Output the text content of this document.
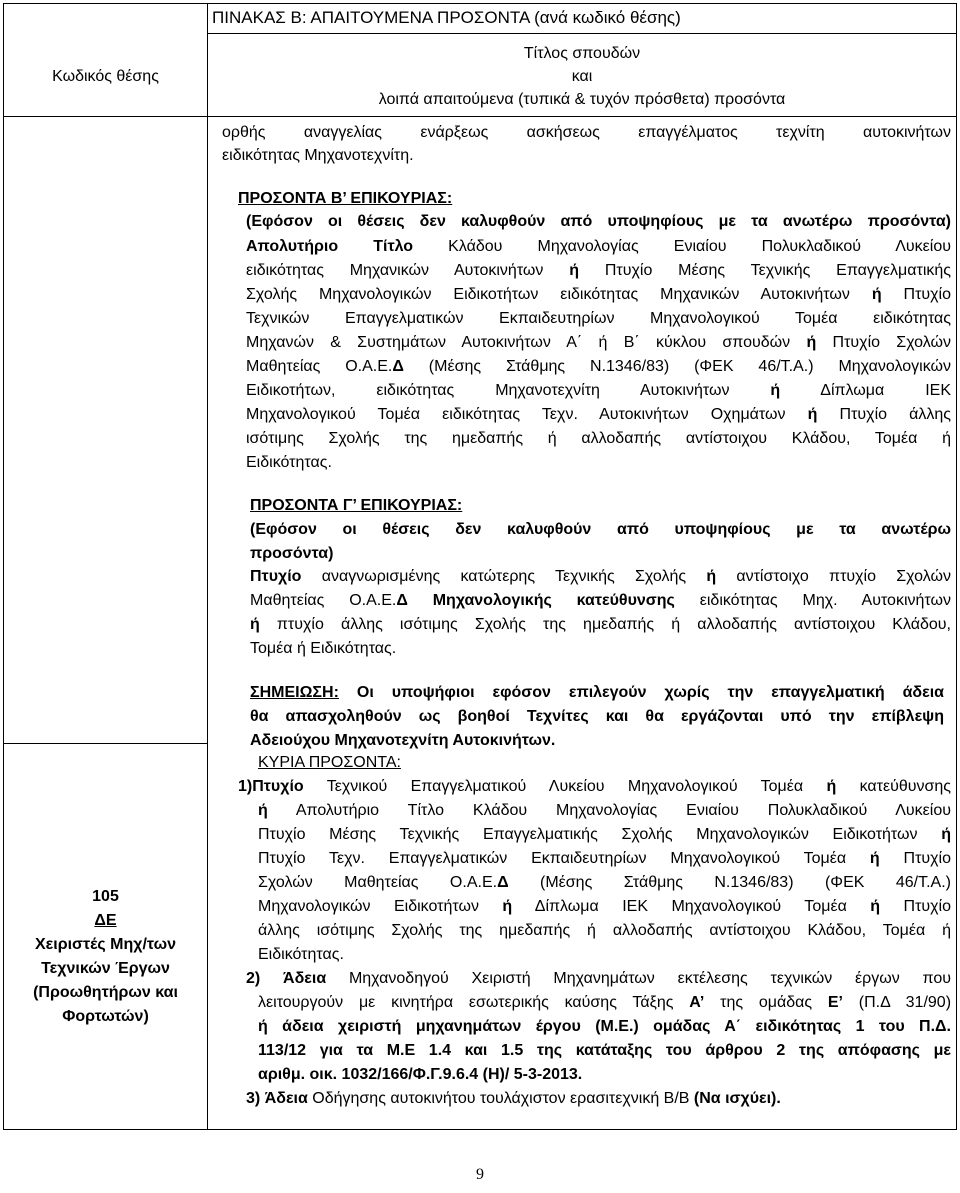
ΠΙΝΑΚΑΣ Β: ΑΠΑΙΤΟΥΜΕΝΑ ΠΡΟΣΟΝΤΑ (ανά κωδικό θέσης)
Κωδικός θέσης
Τίτλος σπουδών
και
λοιπά απαιτούμενα (τυπικά & τυχόν πρόσθετα) προσόντα
ορθής αναγγελίας ενάρξεως ασκήσεως επαγγέλματος τεχνίτη αυτοκινήτων
ειδικότητας Μηχανοτεχνίτη.
ΠΡΟΣΟΝΤΑ Β’ ΕΠΙΚΟΥΡΙΑΣ:
(Εφόσον οι θέσεις δεν καλυφθούν από υποψηφίους με τα ανωτέρω προσόντα)
Απολυτήριο Τίτλο Κλάδου Μηχανολογίας Ενιαίου Πολυκλαδικού Λυκείου
ειδικότητας Μηχανικών Αυτοκινήτων ή Πτυχίο Μέσης Τεχνικής Επαγγελματικής
Σχολής Μηχανολογικών Ειδικοτήτων ειδικότητας Μηχανικών Αυτοκινήτων ή Πτυχίο
Τεχνικών Επαγγελματικών Εκπαιδευτηρίων Μηχανολογικού Τομέα ειδικότητας
Μηχανών & Συστημάτων Αυτοκινήτων Α΄ ή Β΄ κύκλου σπουδών ή Πτυχίο Σχολών
Μαθητείας Ο.Α.Ε.Δ (Μέσης Στάθμης Ν.1346/83) (ΦΕΚ 46/Τ.Α.) Μηχανολογικών
Ειδικοτήτων, ειδικότητας Μηχανοτεχνίτη Αυτοκινήτων	ή	Δίπλωμα ΙΕΚ
Μηχανολογικού Τομέα ειδικότητας Τεχν. Αυτοκινήτων Οχημάτων ή Πτυχίο άλλης
ισότιμης Σχολής της ημεδαπής ή αλλοδαπής αντίστοιχου Κλάδου, Τομέα ή
Ειδικότητας.
ΠΡΟΣΟΝΤΑ Γ’ ΕΠΙΚΟΥΡΙΑΣ:
(Εφόσον οι θέσεις δεν καλυφθούν από υποψηφίους με τα ανωτέρω
προσόντα)
Πτυχίο αναγνωρισμένης κατώτερης Τεχνικής Σχολής ή αντίστοιχο πτυχίο Σχολών
Μαθητείας Ο.Α.Ε.Δ Μηχανολογικής κατεύθυνσης ειδικότητας Μηχ. Αυτοκινήτων
ή πτυχίο άλλης ισότιμης Σχολής της ημεδαπής ή αλλοδαπής αντίστοιχου Κλάδου,
Τομέα ή Ειδικότητας.
ΣΗΜΕΙΩΣΗ: Οι υποψήφιοι εφόσον επιλεγούν χωρίς την επαγγελματική άδεια
θα απασχοληθούν ως βοηθοί Τεχνίτες και θα εργάζονται υπό την επίβλεψη
Αδειούχου Μηχανοτεχνίτη Αυτοκινήτων.
105
ΔΕ
Χειριστές Μηχ/των
Τεχνικών Έργων
(Προωθητήρων και
Φορτωτών)
ΚΥΡΙΑ ΠΡΟΣΟΝΤΑ:
1)Πτυχίο Τεχνικού Επαγγελματικού Λυκείου Μηχανολογικού Τομέα ή κατεύθυνσης
ή Απολυτήριο Τίτλο Κλάδου Μηχανολογίας Ενιαίου Πολυκλαδικού Λυκείου
Πτυχίο Μέσης Τεχνικής Επαγγελματικής Σχολής Μηχανολογικών Ειδικοτήτων ή
Πτυχίο Τεχν. Επαγγελματικών Εκπαιδευτηρίων Μηχανολογικού Τομέα ή Πτυχίο
Σχολών Μαθητείας Ο.Α.Ε.Δ (Μέσης Στάθμης Ν.1346/83) (ΦΕΚ 46/Τ.Α.)
Μηχανολογικών Ειδικοτήτων ή Δίπλωμα ΙΕΚ Μηχανολογικού Τομέα ή Πτυχίο
άλλης ισότιμης Σχολής της ημεδαπής ή αλλοδαπής αντίστοιχου Κλάδου, Τομέα ή
Ειδικότητας.
2) Άδεια Μηχανοδηγού Χειριστή Μηχανημάτων εκτέλεσης τεχνικών έργων που
λειτουργούν με κινητήρα εσωτερικής καύσης Τάξης Α’ της ομάδας Ε’ (Π.Δ 31/90)
ή άδεια χειριστή μηχανημάτων έργου (Μ.Ε.) ομάδας Α΄ ειδικότητας 1 του Π.Δ.
113/12 για τα Μ.Ε 1.4 και 1.5 της κατάταξης του άρθρου 2 της απόφασης με
αριθμ. οικ. 1032/166/Φ.Γ.9.6.4 (Η)/ 5-3-2013.
3) Άδεια Οδήγησης αυτοκινήτου τουλάχιστον ερασιτεχνική Β/Β (Να ισχύει).
9
